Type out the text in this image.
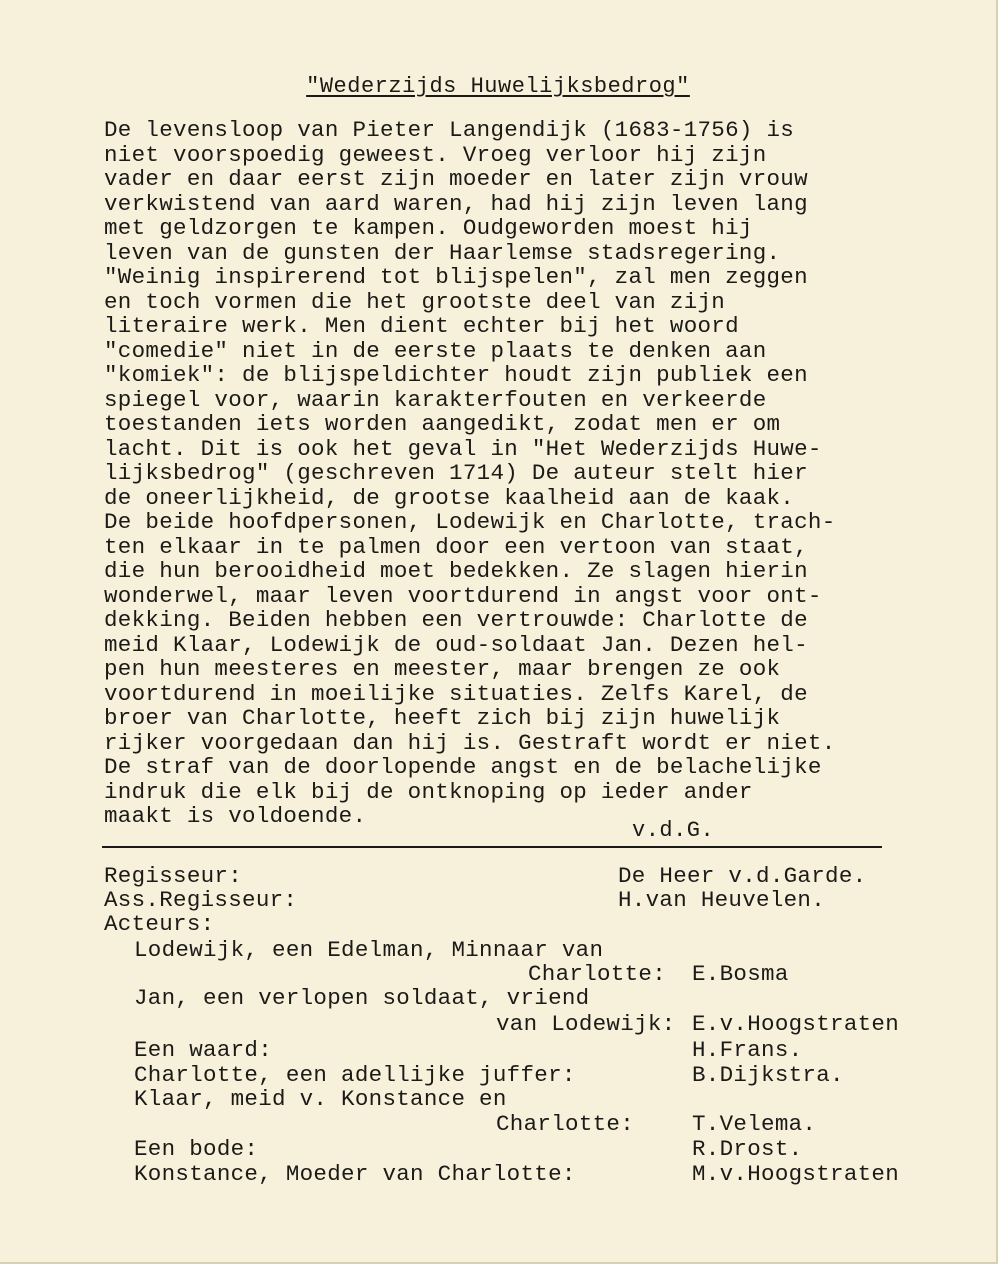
"Wederzijds Huwelijksbedrog"
De levensloop van Pieter Langendijk (1683-1756) is
niet voorspoedig geweest. Vroeg verloor hij zijn
vader en daar eerst zijn moeder en later zijn vrouw
verkwistend van aard waren, had hij zijn leven lang
met geldzorgen te kampen. Oudgeworden moest hij
leven van de gunsten der Haarlemse stadsregering.
"Weinig inspirerend tot blijspelen", zal men zeggen
en toch vormen die het grootste deel van zijn
literaire werk. Men dient echter bij het woord
"comedie" niet in de eerste plaats te denken aan
"komiek": de blijspeldichter houdt zijn publiek een
spiegel voor, waarin karakterfouten en verkeerde
toestanden iets worden aangedikt, zodat men er om
lacht. Dit is ook het geval in "Het Wederzijds Huwe-
lijksbedrog" (geschreven 1714) De auteur stelt hier
de oneerlijkheid, de grootse kaalheid aan de kaak.
De beide hoofdpersonen, Lodewijk en Charlotte, trach-
ten elkaar in te palmen door een vertoon van staat,
die hun berooidheid moet bedekken. Ze slagen hierin
wonderwel, maar leven voortdurend in angst voor ont-
dekking. Beiden hebben een vertrouwde: Charlotte de
meid Klaar, Lodewijk de oud-soldaat Jan. Dezen hel-
pen hun meesteres en meester, maar brengen ze ook
voortdurend in moeilijke situaties. Zelfs Karel, de
broer van Charlotte, heeft zich bij zijn huwelijk
rijker voorgedaan dan hij is. Gestraft wordt er niet.
De straf van de doorlopende angst en de belachelijke
indruk die elk bij de ontknoping op ieder ander
maakt is voldoende.
v.d.G.
Regisseur:	De Heer v.d.Garde.
Ass.Regisseur:	H.van Heuvelen.
Acteurs:
Lodewijk, een Edelman, Minnaar van
Charlotte: E.Bosma
Jan, een verlopen soldaat, vriend
van Lodewijk: E.v.Hoogstraten
Een waard:	H.Frans.
Charlotte, een adellijke juffer:	B.Dijkstra.
Klaar, meid v. Konstance en
Charlotte:	T.Velema.
Een bode:	R.Drost.
Konstance, Moeder van Charlotte:	M.v.Hoogstraten
